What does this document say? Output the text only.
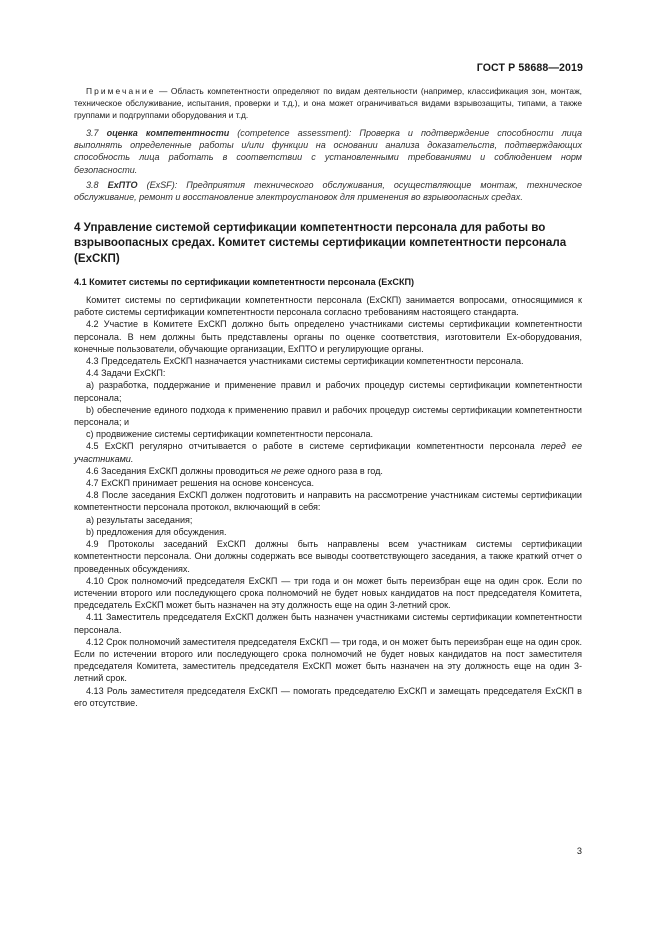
ГОСТ Р 58688—2019

Примечание — Область компетентности определяют по видам деятельности (например, классификация зон, монтаж, техническое обслуживание, испытания, проверки и т.д.), и она может ограничиваться видами взрывозащиты, типами, а также группами и подгруппами оборудования и т.д.

3.7 оценка компетентности (competence assessment): Проверка и подтверждение способности лица выполнять определенные работы и/или функции на основании анализа доказательств, подтверждающих способность лица работать в соответствии с установленными требованиями и соблюдением норм безопасности.

3.8 ExПТО (ExSF): Предприятия технического обслуживания, осуществляющие монтаж, техническое обслуживание, ремонт и восстановление электроустановок для применения во взрывоопасных средах.

4 Управление системой сертификации компетентности персонала для работы во взрывоопасных средах. Комитет системы сертификации компетентности персонала (ExСКП)

4.1 Комитет системы по сертификации компетентности персонала (ЕхСКП)

Комитет системы по сертификации компетентности персонала (ЕхСКП) занимается вопросами, относящимися к работе системы сертификации компетентности персонала согласно требованиям настоящего стандарта.

4.2 Участие в Комитете ЕхСКП должно быть определено участниками системы сертификации компетентности персонала. В нем должны быть представлены органы по оценке соответствия, изготовители Ex-оборудования, конечные пользователи, обучающие организации, ЕхПТО и регулирующие органы.

4.3 Председатель ЕхСКП назначается участниками системы сертификации компетентности персонала.

4.4 Задачи ЕхСКП:

a) разработка, поддержание и применение правил и рабочих процедур системы сертификации компетентности персонала;

b) обеспечение единого подхода к применению правил и рабочих процедур системы сертификации компетентности персонала; и

c) продвижение системы сертификации компетентности персонала.

4.5 ЕхСКП регулярно отчитывается о работе в системе сертификации компетентности персонала перед ее участниками.

4.6 Заседания ЕхСКП должны проводиться не реже одного раза в год.

4.7 ЕхСКП принимает решения на основе консенсуса.

4.8 После заседания ЕхСКП должен подготовить и направить на рассмотрение участникам системы сертификации компетентности персонала протокол, включающий в себя:

a) результаты заседания;

b) предложения для обсуждения.

4.9 Протоколы заседаний ЕхСКП должны быть направлены всем участникам системы сертификации компетентности персонала. Они должны содержать все выводы соответствующего заседания, а также краткий отчет о проведенных обсуждениях.

4.10 Срок полномочий председателя ЕхСКП — три года и он может быть переизбран еще на один срок. Если по истечении второго или последующего срока полномочий не будет новых кандидатов на пост председателя Комитета, председатель ЕхСКП может быть назначен на эту должность еще на один 3-летний срок.

4.11 Заместитель председателя ЕхСКП должен быть назначен участниками системы сертификации компетентности персонала.

4.12 Срок полномочий заместителя председателя ЕхСКП — три года, и он может быть переизбран еще на один срок. Если по истечении второго или последующего срока полномочий не будет новых кандидатов на пост заместителя председателя Комитета, заместитель председателя ЕхСКП может быть назначен на эту должность еще на один 3-летний срок.

4.13 Роль заместителя председателя ЕхСКП — помогать председателю ЕхСКП и замещать председателя ЕхСКП в его отсутствие.

3
